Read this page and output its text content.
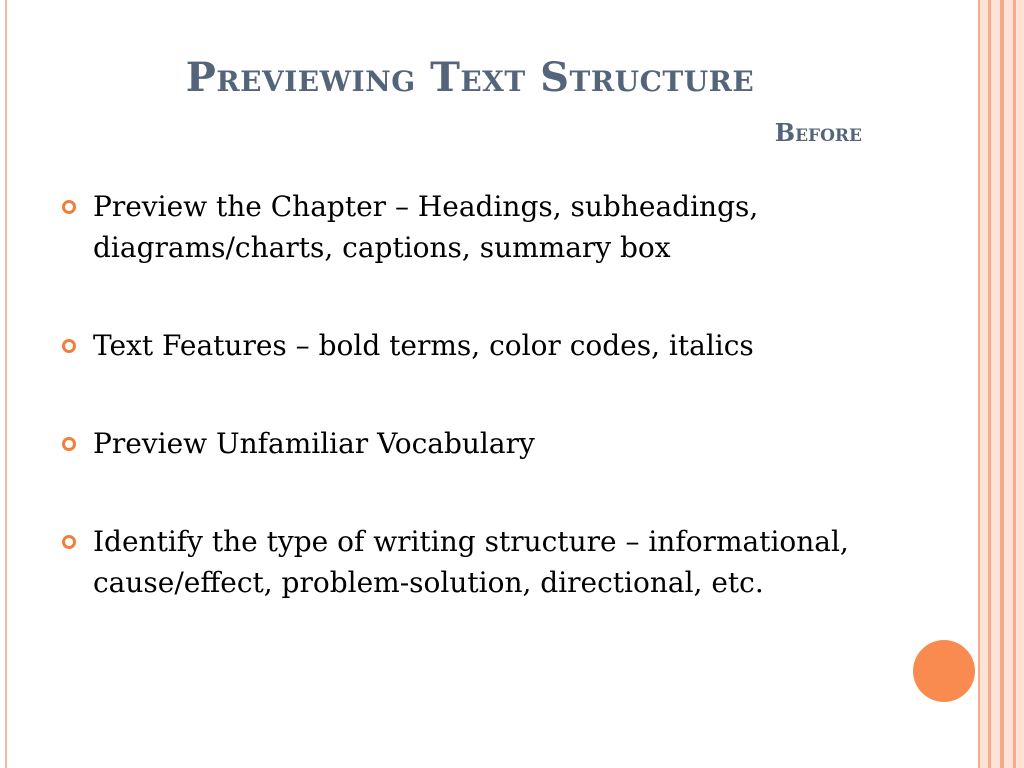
Previewing Text Structure
Before
Preview the Chapter – Headings, subheadings, diagrams/charts, captions, summary box
Text Features – bold terms, color codes, italics
Preview Unfamiliar Vocabulary
Identify the type of writing structure – informational, cause/effect, problem-solution, directional, etc.
